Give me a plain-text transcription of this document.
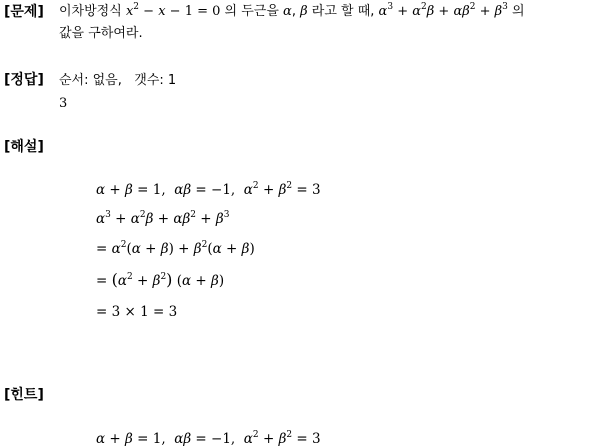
[문제] 이차방정식 $x^2 - x - 1 = 0$ 의 두근을 α, β 라고 할 때, $\alpha^3 + \alpha^2\beta + \alpha\beta^2 + \beta^3$ 의
값을 구하여라.
[정답] 순서: 없음,   갯수: 1
3
[해설]
α + β = 1,  αβ = −1,  $\alpha^2 + \beta^2 = 3$
$\alpha^3 + \alpha^2\beta + \alpha\beta^2 + \beta^3$
= $\alpha^2(\alpha + \beta) + \beta^2(\alpha + \beta)$
= $(\alpha^2 + \beta^2) (\alpha + \beta)$
= 3 × 1 = 3
[힌트]
α + β = 1,  αβ = −1,  $\alpha^2 + \beta^2 = 3$
